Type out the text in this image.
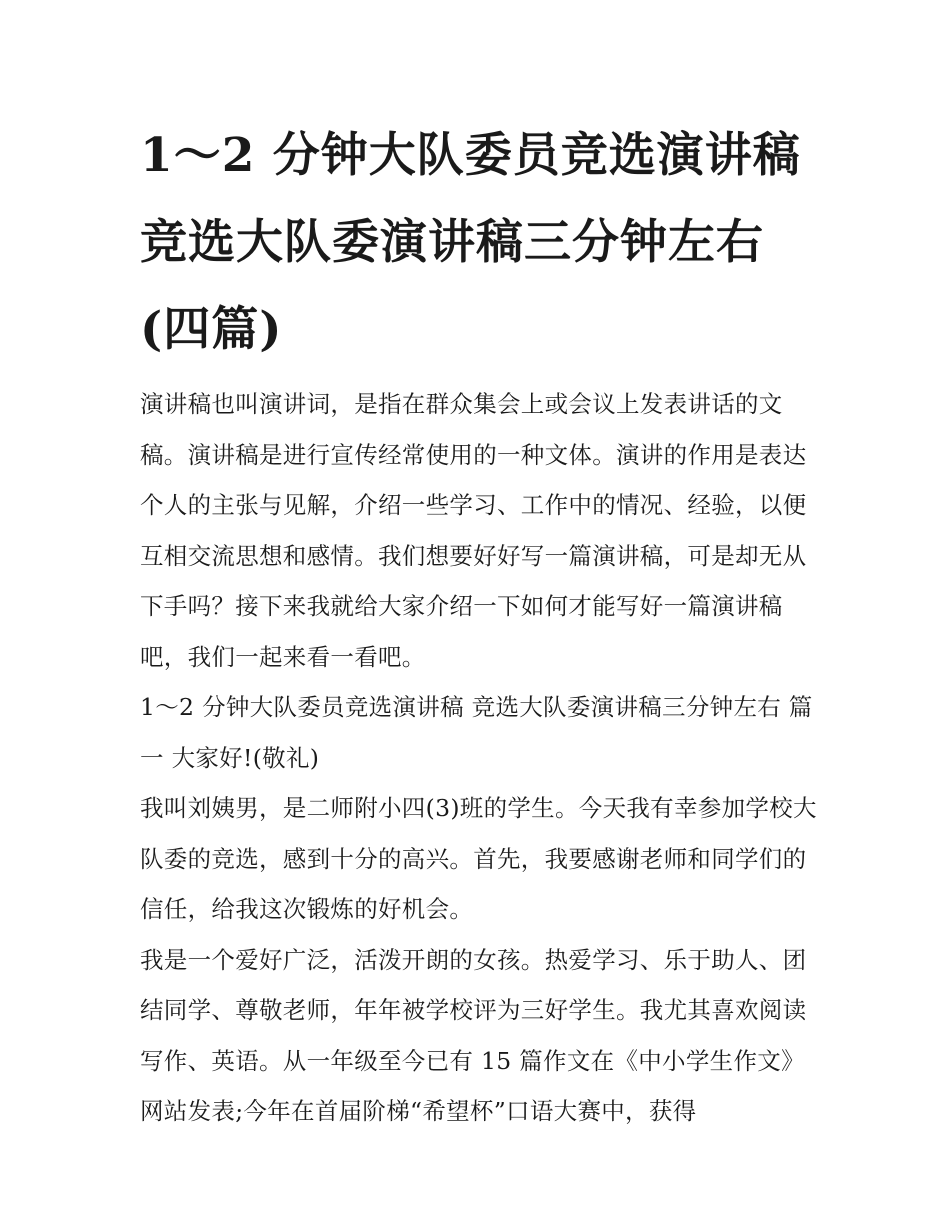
1～2 分钟大队委员竞选演讲稿 竞选大队委演讲稿三分钟左右(四篇)

演讲稿也叫演讲词，是指在群众集会上或会议上发表讲话的文稿。演讲稿是进行宣传经常使用的一种文体。演讲的作用是表达个人的主张与见解，介绍一些学习、工作中的情况、经验，以便互相交流思想和感情。我们想要好好写一篇演讲稿，可是却无从下手吗？接下来我就给大家介绍一下如何才能写好一篇演讲稿吧，我们一起来看一看吧。

1～2 分钟大队委员竞选演讲稿 竞选大队委演讲稿三分钟左右 篇一 大家好!(敬礼)

我叫刘姨男，是二师附小四(3)班的学生。今天我有幸参加学校大队委的竞选，感到十分的高兴。首先，我要感谢老师和同学们的信任，给我这次锻炼的好机会。

我是一个爱好广泛，活泼开朗的女孩。热爱学习、乐于助人、团结同学、尊敬老师，年年被学校评为三好学生。我尤其喜欢阅读写作、英语。从一年级至今已有 15 篇作文在《中小学生作文》网站发表;今年在首届阶梯“希望杯”口语大赛中，获得
